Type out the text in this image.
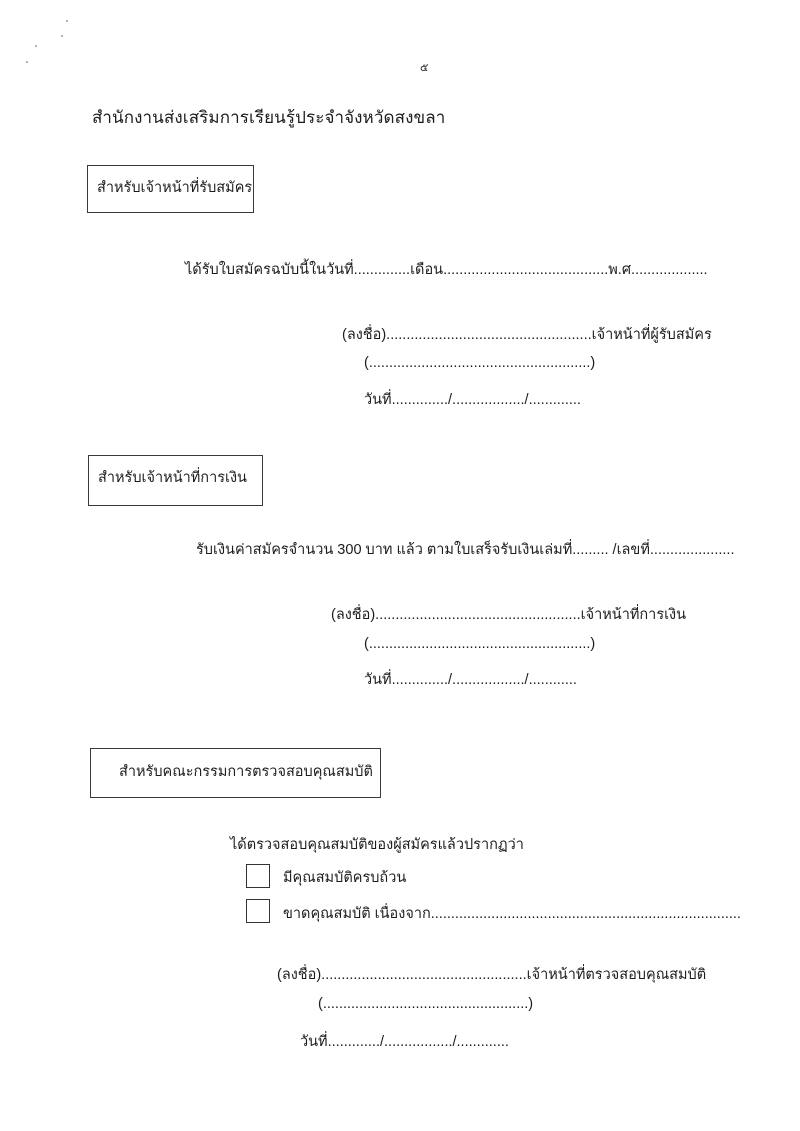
๕
สำนักงานส่งเสริมการเรียนรู้ประจำจังหวัดสงขลา
สำหรับเจ้าหน้าที่รับสมัคร
ได้รับใบสมัครฉบับนี้ในวันที่..............เดือน.........................................พ.ศ...................
(ลงชื่อ)...................................................เจ้าหน้าที่ผู้รับสมัคร
(.......................................................)
วันที่............../................../.............
สำหรับเจ้าหน้าที่การเงิน
รับเงินค่าสมัครจำนวน 300 บาท แล้ว ตามใบเสร็จรับเงินเล่มที่......... /เลขที่.....................
(ลงชื่อ)...................................................เจ้าหน้าที่การเงิน
(.......................................................)
วันที่............../................../............
สำหรับคณะกรรมการตรวจสอบคุณสมบัติ
ได้ตรวจสอบคุณสมบัติของผู้สมัครแล้วปรากฏว่า
มีคุณสมบัติครบถ้วน
ขาดคุณสมบัติ เนื่องจาก.............................................................................
(ลงชื่อ)...................................................เจ้าหน้าที่ตรวจสอบคุณสมบัติ
(...................................................)
วันที่............./................./.............
